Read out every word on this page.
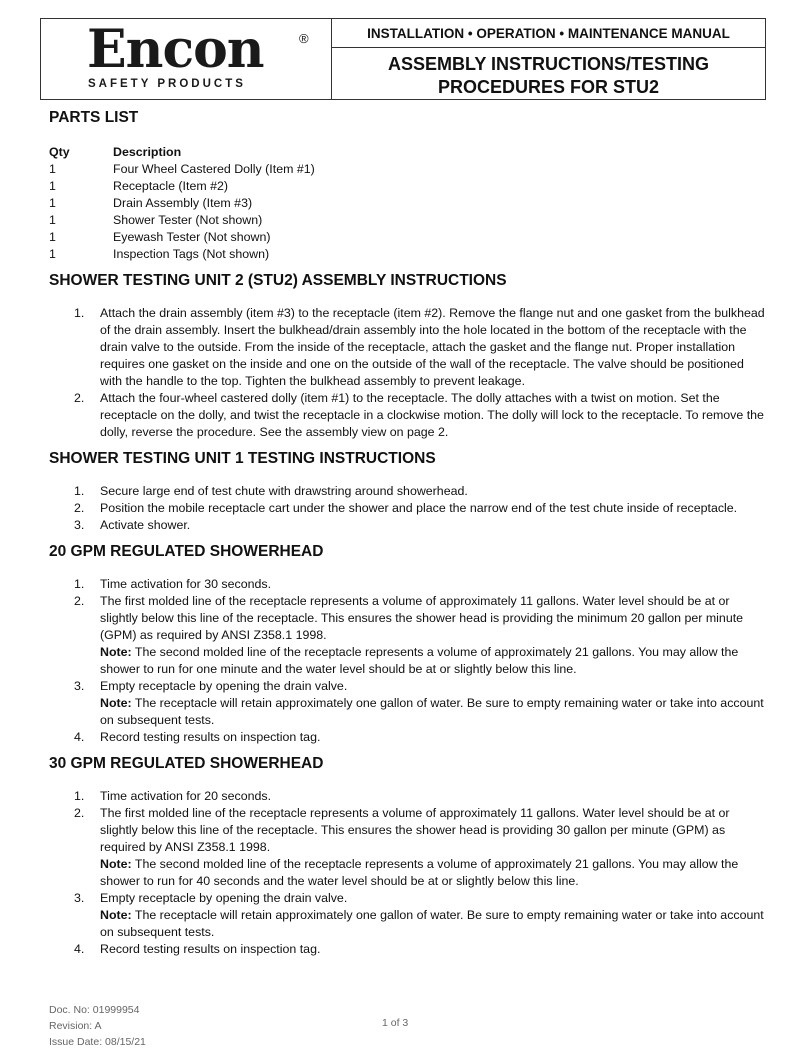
Encon	®
SAFETY PRODUCTS
INSTALLATION • OPERATION • MAINTENANCE MANUAL
ASSEMBLY INSTRUCTIONS/TESTING
PROCEDURES FOR STU2
PARTS LIST
Qty	Description
1	Four Wheel Castered Dolly (Item #1)
1	Receptacle (Item #2)
1	Drain Assembly (Item #3)
1	Shower Tester (Not shown)
1	Eyewash Tester (Not shown)
1	Inspection Tags (Not shown)
SHOWER TESTING UNIT 2 (STU2) ASSEMBLY INSTRUCTIONS
1. Attach the drain assembly (item #3) to the receptacle (item #2). Remove the flange nut and one gasket from the bulkhead of the drain assembly. Insert the bulkhead/drain assembly into the hole located in the bottom of the receptacle with the drain valve to the outside. From the inside of the receptacle, attach the gasket and the flange nut. Proper installation requires one gasket on the inside and one on the outside of the wall of the receptacle. The valve should be positioned with the handle to the top. Tighten the bulkhead assembly to prevent leakage.
2. Attach the four-wheel castered dolly (item #1) to the receptacle. The dolly attaches with a twist on motion. Set the receptacle on the dolly, and twist the receptacle in a clockwise motion. The dolly will lock to the receptacle. To remove the dolly, reverse the procedure. See the assembly view on page 2.
SHOWER TESTING UNIT 1 TESTING INSTRUCTIONS
1. Secure large end of test chute with drawstring around showerhead.
2. Position the mobile receptacle cart under the shower and place the narrow end of the test chute inside of receptacle.
3. Activate shower.
20 GPM REGULATED SHOWERHEAD
1. Time activation for 30 seconds.
2. The first molded line of the receptacle represents a volume of approximately 11 gallons. Water level should be at or slightly below this line of the receptacle. This ensures the shower head is providing the minimum 20 gallon per minute (GPM) as required by ANSI Z358.1 1998.
Note: The second molded line of the receptacle represents a volume of approximately 21 gallons. You may allow the shower to run for one minute and the water level should be at or slightly below this line.
3. Empty receptacle by opening the drain valve.
Note: The receptacle will retain approximately one gallon of water. Be sure to empty remaining water or take into account on subsequent tests.
4. Record testing results on inspection tag.
30 GPM REGULATED SHOWERHEAD
1. Time activation for 20 seconds.
2. The first molded line of the receptacle represents a volume of approximately 11 gallons. Water level should be at or slightly below this line of the receptacle. This ensures the shower head is providing 30 gallon per minute (GPM) as required by ANSI Z358.1 1998.
Note: The second molded line of the receptacle represents a volume of approximately 21 gallons. You may allow the shower to run for 40 seconds and the water level should be at or slightly below this line.
3. Empty receptacle by opening the drain valve.
Note: The receptacle will retain approximately one gallon of water. Be sure to empty remaining water or take into account on subsequent tests.
4. Record testing results on inspection tag.
Doc. No: 01999954
Revision: A
Issue Date: 08/15/21
1 of 3
